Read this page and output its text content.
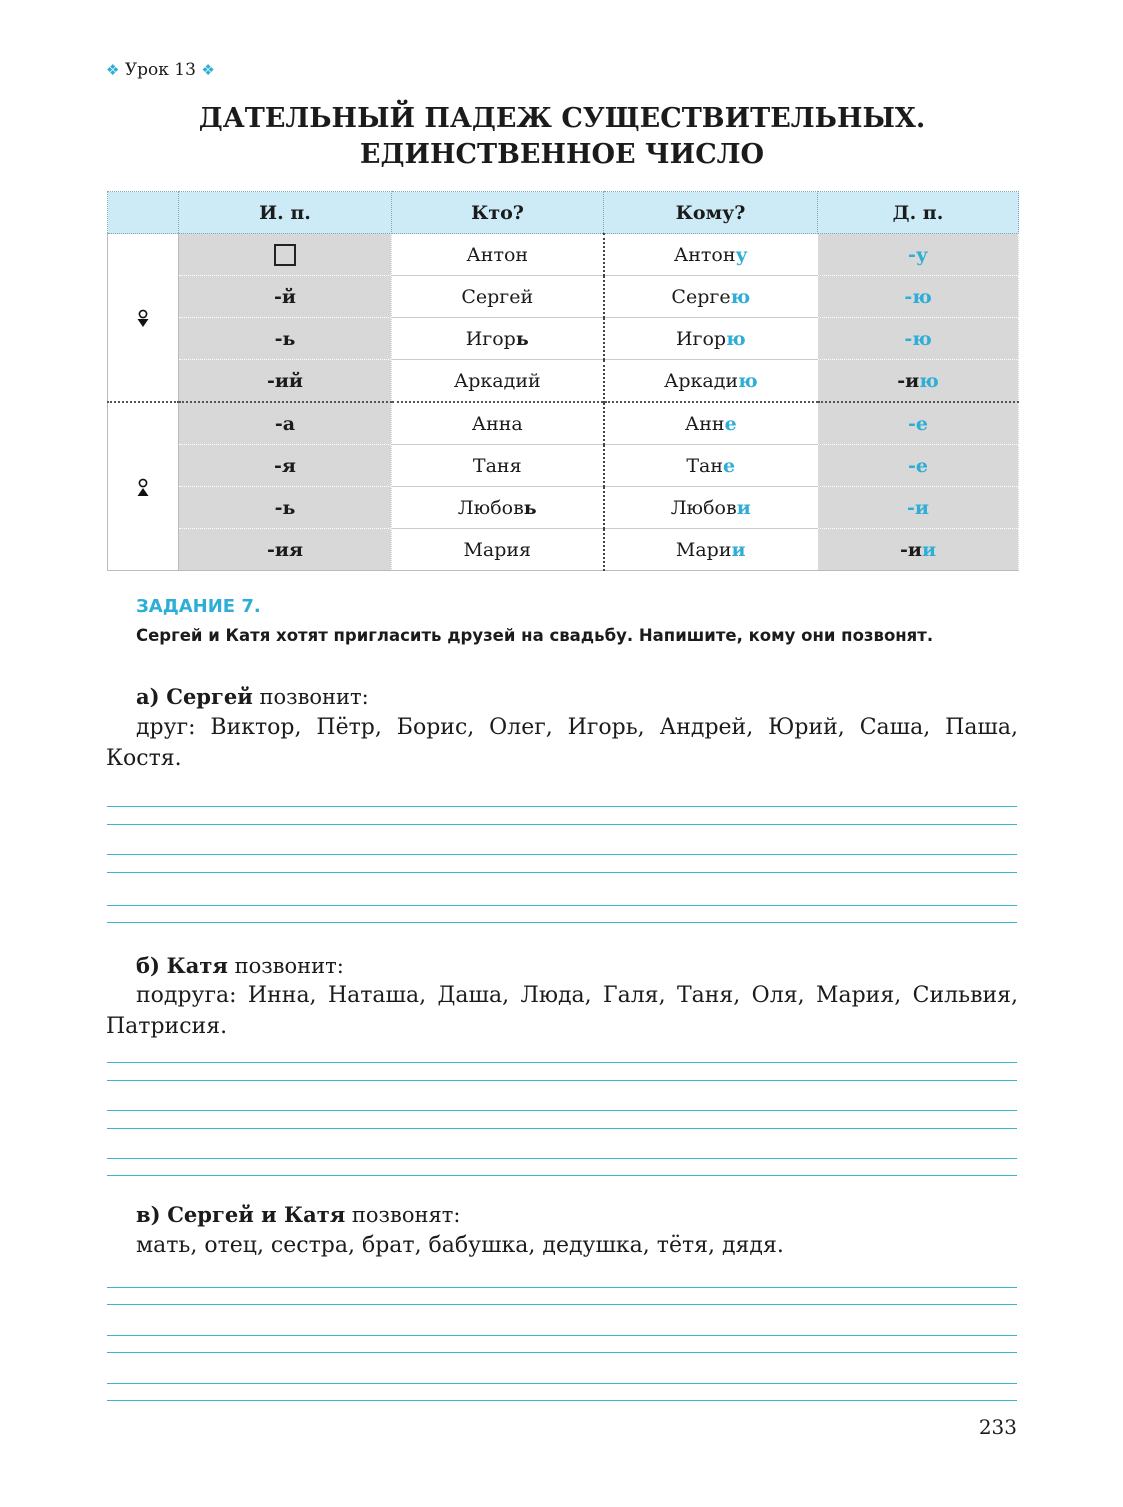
❖ Урок 13 ❖
ДАТЕЛЬНЫЙ ПАДЕЖ СУЩЕСТВИТЕЛЬНЫХ.
ЕДИНСТВЕННОЕ ЧИСЛО
	И. п.	Кто?	Кому?	Д. п.
		Антон	Антону	-у
	-й	Сергей	Сергею	-ю
	-ь	Игорь	Игорю	-ю
	-ий	Аркадий	Аркадию	-ию
	-а	Анна	Анне	-е
	-я	Таня	Тане	-е
	-ь	Любовь	Любови	-и
	-ия	Мария	Марии	-ии
ЗАДАНИЕ 7.
Сергей и Катя хотят пригласить друзей на свадьбу. Напишите, кому они позвонят.
а) Сергей позвонит:
друг: Виктор, Пётр, Борис, Олег, Игорь, Андрей, Юрий, Саша, Паша, Костя.
б) Катя позвонит:
подруга: Инна, Наташа, Даша, Люда, Галя, Таня, Оля, Мария, Сильвия, Патрисия.
в) Сергей и Катя позвонят:
мать, отец, сестра, брат, бабушка, дедушка, тётя, дядя.
233
